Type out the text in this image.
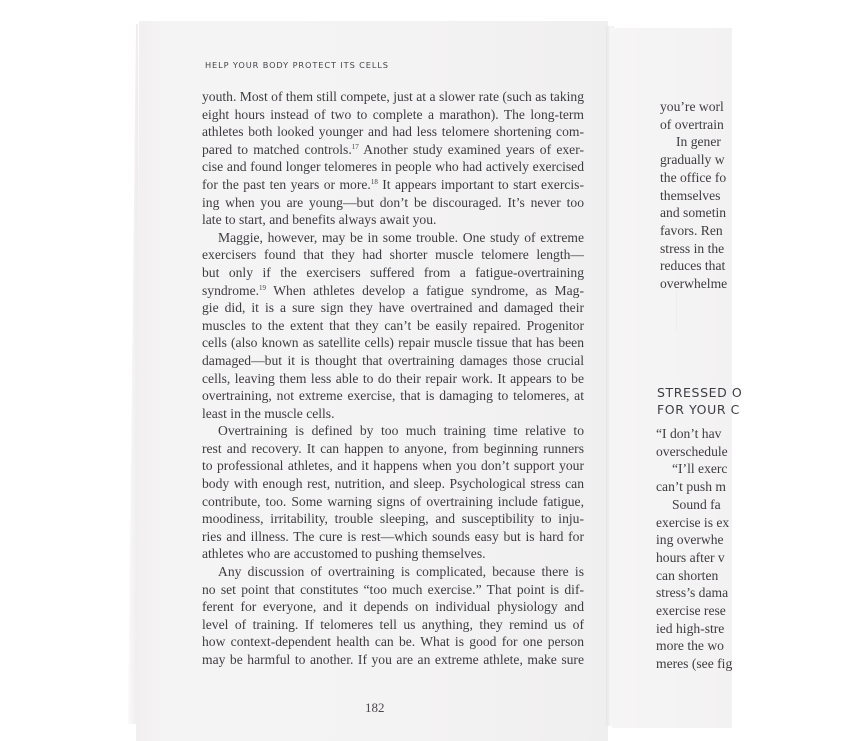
HELP YOUR BODY PROTECT ITS CELLS
youth. Most of them still compete, just at a slower rate (such as taking
eight hours instead of two to complete a marathon). The long-term
athletes both looked younger and had less telomere shortening com-
pared to matched controls.$^{17}$ Another study examined years of exer-
cise and found longer telomeres in people who had actively exercised
for the past ten years or more.$^{18}$ It appears important to start exercis-
ing when you are young—but don’t be discouraged. It’s never too
late to start, and benefits always await you.
Maggie, however, may be in some trouble. One study of extreme
exercisers found that they had shorter muscle telomere length—
but only if the exercisers suffered from a fatigue-overtraining
syndrome.$^{19}$ When athletes develop a fatigue syndrome, as Mag-
gie did, it is a sure sign they have overtrained and damaged their
muscles to the extent that they can’t be easily repaired. Progenitor
cells (also known as satellite cells) repair muscle tissue that has been
damaged—but it is thought that overtraining damages those crucial
cells, leaving them less able to do their repair work. It appears to be
overtraining, not extreme exercise, that is damaging to telomeres, at
least in the muscle cells.
Overtraining is defined by too much training time relative to
rest and recovery. It can happen to anyone, from beginning runners
to professional athletes, and it happens when you don’t support your
body with enough rest, nutrition, and sleep. Psychological stress can
contribute, too. Some warning signs of overtraining include fatigue,
moodiness, irritability, trouble sleeping, and susceptibility to inju-
ries and illness. The cure is rest—which sounds easy but is hard for
athletes who are accustomed to pushing themselves.
Any discussion of overtraining is complicated, because there is
no set point that constitutes “too much exercise.” That point is dif-
ferent for everyone, and it depends on individual physiology and
level of training. If telomeres tell us anything, they remind us of
how context-dependent health can be. What is good for one person
may be harmful to another. If you are an extreme athlete, make sure
182
you’re worl
of overtrain
In gener
gradually w
the office fo
themselves
and sometin
favors. Ren
stress in the
reduces that
overwhelme
STRESSED O
FOR YOUR C
“I don’t hav
overschedule
“I’ll exerc
can’t push m
Sound fa
exercise is ex
ing overwhe
hours after v
can shorten
stress’s dama
exercise rese
ied high-stre
more the wo
meres (see fig
